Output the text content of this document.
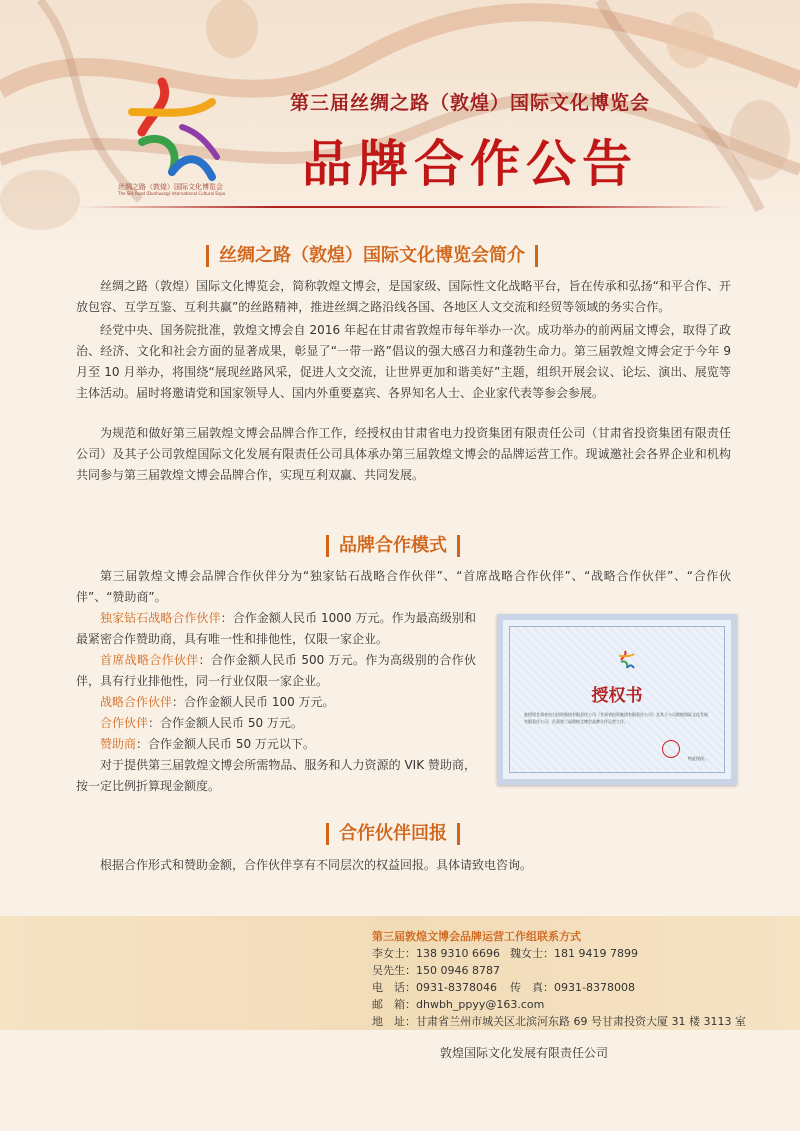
丝绸之路（敦煌）国际文化博览会
The Silk Road (Dunhuang) International Cultural Expo
第三届丝绸之路（敦煌）国际文化博览会
品牌合作公告
丝绸之路（敦煌）国际文化博览会简介
丝绸之路（敦煌）国际文化博览会，简称敦煌文博会，是国家级、国际性文化战略平台，旨在传承和弘扬“和平合作、开放包容、互学互鉴、互利共赢”的丝路精神，推进丝绸之路沿线各国、各地区人文交流和经贸等领域的务实合作。
经党中央、国务院批准，敦煌文博会自 2016 年起在甘肃省敦煌市每年举办一次。成功举办的前两届文博会，取得了政治、经济、文化和社会方面的显著成果，彰显了“一带一路”倡议的强大感召力和蓬勃生命力。第三届敦煌文博会定于今年 9 月至 10 月举办，将围绕“展现丝路风采，促进人文交流，让世界更加和谐美好”主题，组织开展会议、论坛、演出、展览等主体活动。届时将邀请党和国家领导人、国内外重要嘉宾、各界知名人士、企业家代表等参会参展。
为规范和做好第三届敦煌文博会品牌合作工作，经授权由甘肃省电力投资集团有限责任公司（甘肃省投资集团有限责任公司）及其子公司敦煌国际文化发展有限责任公司具体承办第三届敦煌文博会的品牌运营工作。现诚邀社会各界企业和机构共同参与第三届敦煌文博会品牌合作，实现互利双赢、共同发展。
品牌合作模式
第三届敦煌文博会品牌合作伙伴分为“独家钻石战略合作伙伴”、“首席战略合作伙伴”、“战略合作伙伴”、“合作伙伴”、“赞助商”。
独家钻石战略合作伙伴：合作金额人民币 1000 万元。作为最高级别和最紧密合作赞助商，具有唯一性和排他性，仅限一家企业。
首席战略合作伙伴：合作金额人民币 500 万元。作为高级别的合作伙伴，具有行业排他性，同一行业仅限一家企业。
战略合作伙伴：合作金额人民币 100 万元。
合作伙伴：合作金额人民币 50 万元。
赞助商：合作金额人民币 50 万元以下。
对于提供第三届敦煌文博会所需物品、服务和人力资源的 VIK 赞助商，按一定比例折算现金额度。
授权书
兹授权甘肃省电力投资集团有限责任公司（甘肃省投资集团有限责任公司）及其子公司敦煌国际文化发展有限责任公司，负责第三届敦煌文博会品牌合作运营工作。
特此授权。
合作伙伴回报
根据合作形式和赞助金额，合作伙伴享有不同层次的权益回报。具体请致电咨询。
第三届敦煌文博会品牌运营工作组联系方式
李女士：138 9310 6696 魏女士：181 9419 7899
吴先生：150 0946 8787
电　话：0931-8378046 传　真：0931-8378008
邮　箱：dhwbh_ppyy@163.com
地　址：甘肃省兰州市城关区北滨河东路 69 号甘肃投资大厦 31 楼 3113 室
敦煌国际文化发展有限责任公司
